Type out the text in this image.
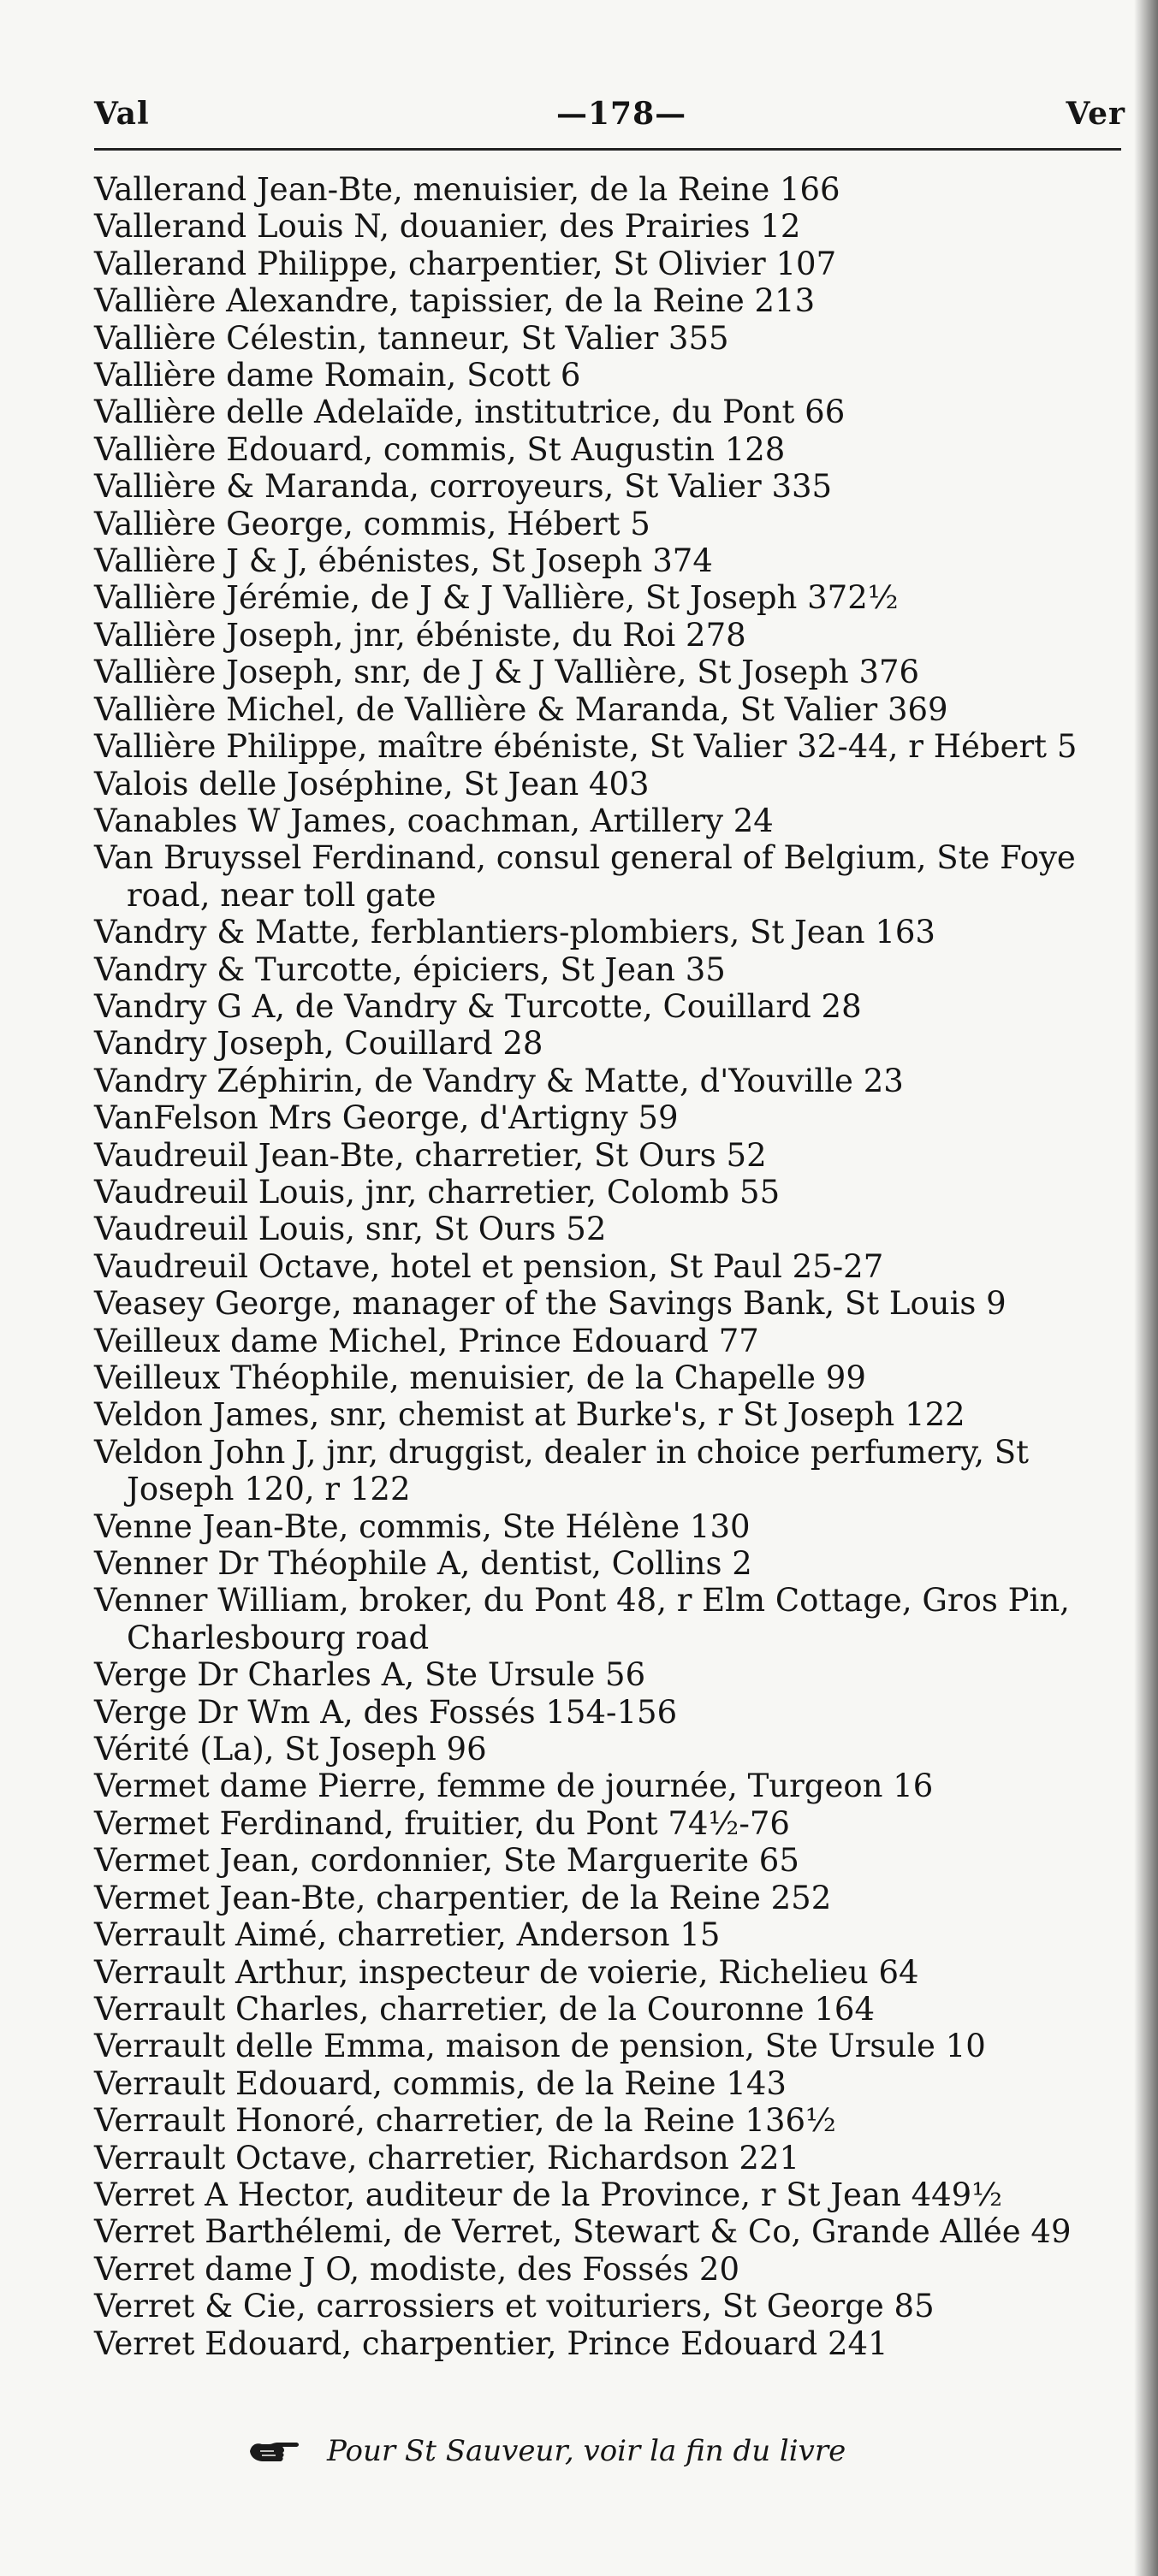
Val	—178—	Ver

Vallerand Jean-Bte, menuisier, de la Reine 166

Vallerand Louis N, douanier, des Prairies 12

Vallerand Philippe, charpentier, St Olivier 107

Vallière Alexandre, tapissier, de la Reine 213

Vallière Célestin, tanneur, St Valier 355

Vallière dame Romain, Scott 6

Vallière delle Adelaïde, institutrice, du Pont 66

Vallière Edouard, commis, St Augustin 128

Vallière & Maranda, corroyeurs, St Valier 335

Vallière George, commis, Hébert 5

Vallière J & J, ébénistes, St Joseph 374

Vallière Jérémie, de J & J Vallière, St Joseph 372½

Vallière Joseph, jnr, ébéniste, du Roi 278

Vallière Joseph, snr, de J & J Vallière, St Joseph 376

Vallière Michel, de Vallière & Maranda, St Valier 369

Vallière Philippe, maître ébéniste, St Valier 32-44, r Hébert 5

Valois delle Joséphine, St Jean 403

Vanables W James, coachman, Artillery 24

Van Bruyssel Ferdinand, consul general of Belgium, Ste Foye road, near toll gate

Vandry & Matte, ferblantiers-plombiers, St Jean 163

Vandry & Turcotte, épiciers, St Jean 35

Vandry G A, de Vandry & Turcotte, Couillard 28

Vandry Joseph, Couillard 28

Vandry Zéphirin, de Vandry & Matte, d'Youville 23

VanFelson Mrs George, d'Artigny 59

Vaudreuil Jean-Bte, charretier, St Ours 52

Vaudreuil Louis, jnr, charretier, Colomb 55

Vaudreuil Louis, snr, St Ours 52

Vaudreuil Octave, hotel et pension, St Paul 25-27

Veasey George, manager of the Savings Bank, St Louis 9

Veilleux dame Michel, Prince Edouard 77

Veilleux Théophile, menuisier, de la Chapelle 99

Veldon James, snr, chemist at Burke's, r St Joseph 122

Veldon John J, jnr, druggist, dealer in choice perfumery, St Joseph 120, r 122

Venne Jean-Bte, commis, Ste Hélène 130

Venner Dr Théophile A, dentist, Collins 2

Venner William, broker, du Pont 48, r Elm Cottage, Gros Pin, Charlesbourg road

Verge Dr Charles A, Ste Ursule 56

Verge Dr Wm A, des Fossés 154-156

Vérité (La), St Joseph 96

Vermet dame Pierre, femme de journée, Turgeon 16

Vermet Ferdinand, fruitier, du Pont 74½-76

Vermet Jean, cordonnier, Ste Marguerite 65

Vermet Jean-Bte, charpentier, de la Reine 252

Verrault Aimé, charretier, Anderson 15

Verrault Arthur, inspecteur de voierie, Richelieu 64

Verrault Charles, charretier, de la Couronne 164

Verrault delle Emma, maison de pension, Ste Ursule 10

Verrault Edouard, commis, de la Reine 143

Verrault Honoré, charretier, de la Reine 136½

Verrault Octave, charretier, Richardson 221

Verret A Hector, auditeur de la Province, r St Jean 449½

Verret Barthélemi, de Verret, Stewart & Co, Grande Allée 49

Verret dame J O, modiste, des Fossés 20

Verret & Cie, carrossiers et voituriers, St George 85

Verret Edouard, charpentier, Prince Edouard 241

Pour St Sauveur, voir la fin du livre
